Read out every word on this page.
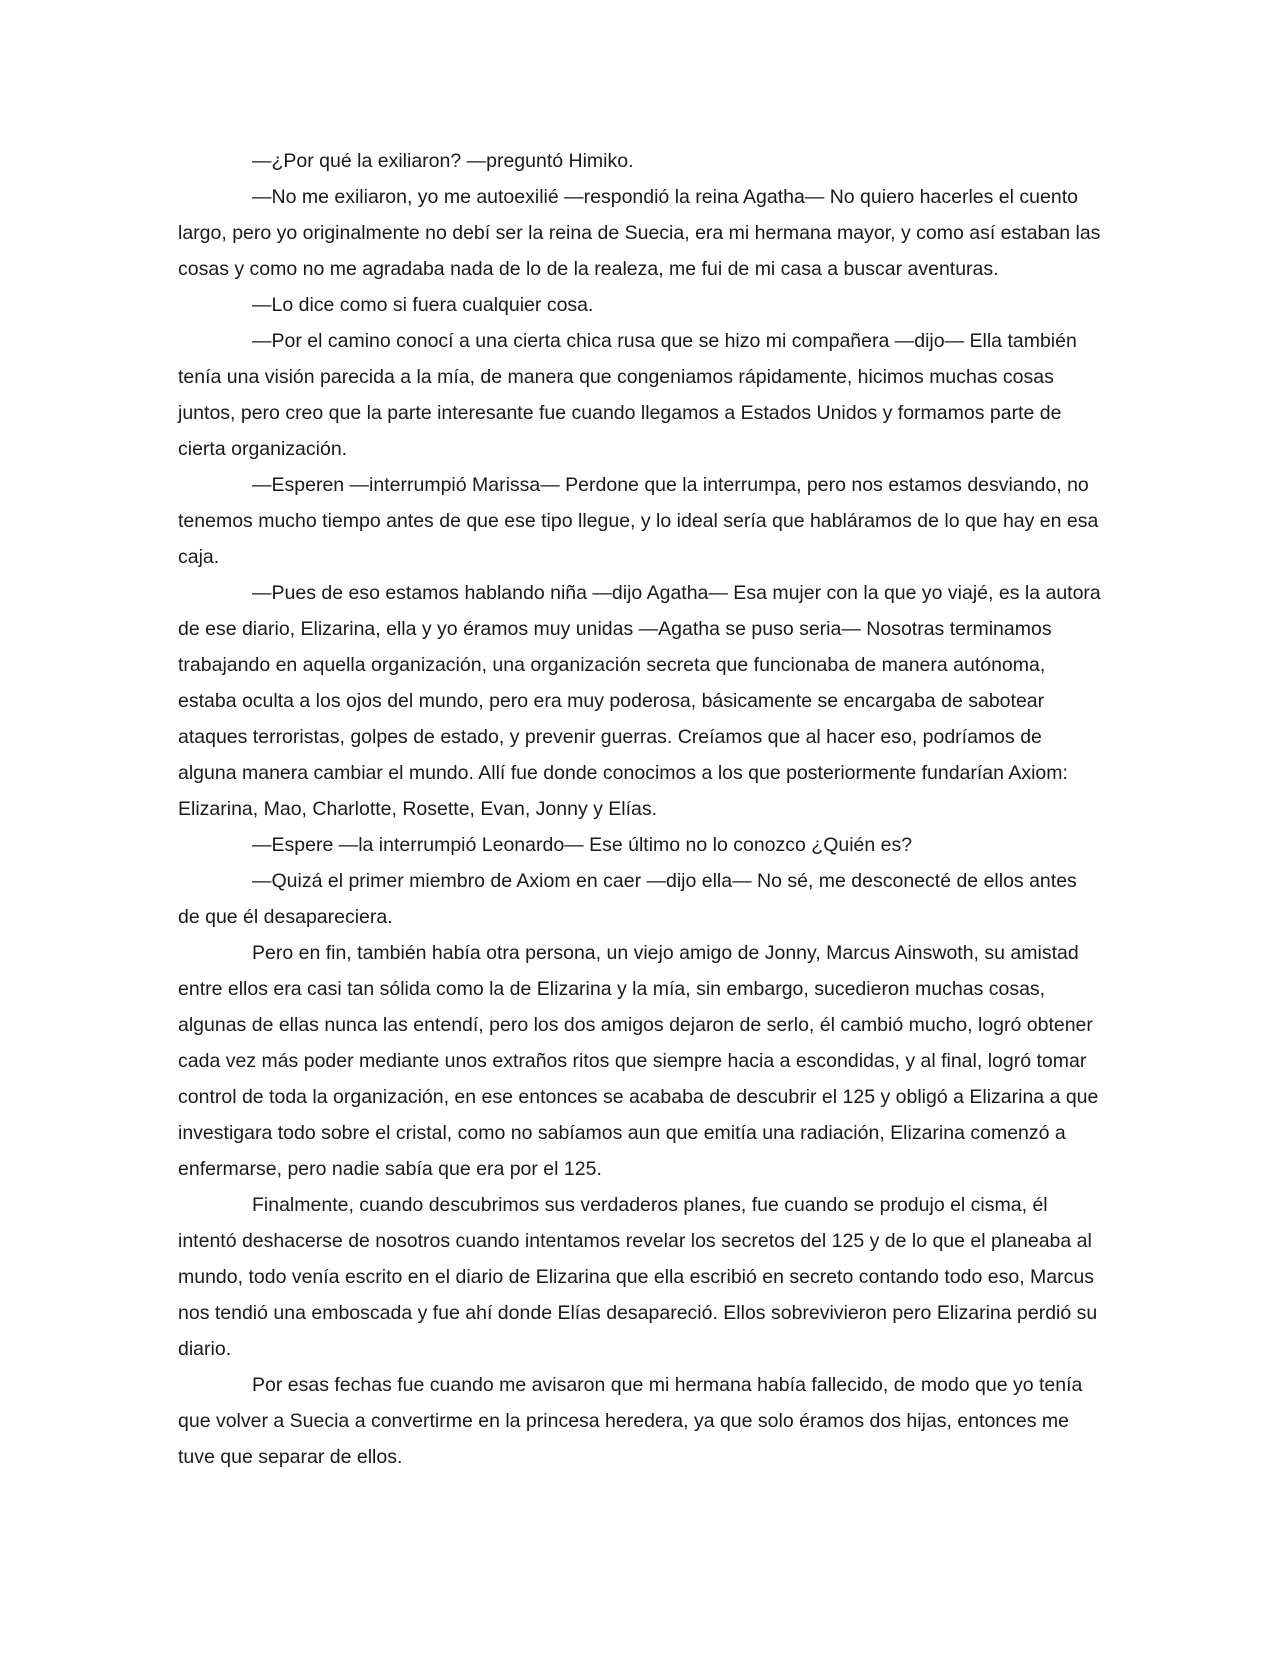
—¿Por qué la exiliaron? —preguntó Himiko.

—No me exiliaron, yo me autoexilié —respondió la reina Agatha— No quiero hacerles el cuento largo, pero yo originalmente no debí ser la reina de Suecia, era mi hermana mayor, y como así estaban las cosas y como no me agradaba nada de lo de la realeza, me fui de mi casa a buscar aventuras.

—Lo dice como si fuera cualquier cosa.

—Por el camino conocí a una cierta chica rusa que se hizo mi compañera —dijo— Ella también tenía una visión parecida a la mía, de manera que congeniamos rápidamente, hicimos muchas cosas juntos, pero creo que la parte interesante fue cuando llegamos a Estados Unidos y formamos parte de cierta organización.

—Esperen —interrumpió Marissa— Perdone que la interrumpa, pero nos estamos desviando, no tenemos mucho tiempo antes de que ese tipo llegue, y lo ideal sería que habláramos de lo que hay en esa caja.

—Pues de eso estamos hablando niña —dijo Agatha— Esa mujer con la que yo viajé, es la autora de ese diario, Elizarina, ella y yo éramos muy unidas —Agatha se puso seria— Nosotras terminamos trabajando en aquella organización, una organización secreta que funcionaba de manera autónoma, estaba oculta a los ojos del mundo, pero era muy poderosa, básicamente se encargaba de sabotear ataques terroristas, golpes de estado, y prevenir guerras. Creíamos que al hacer eso, podríamos de alguna manera cambiar el mundo. Allí fue donde conocimos a los que posteriormente fundarían Axiom: Elizarina, Mao, Charlotte, Rosette, Evan, Jonny y Elías.

—Espere —la interrumpió Leonardo— Ese último no lo conozco ¿Quién es?

—Quizá el primer miembro de Axiom en caer —dijo ella— No sé, me desconecté de ellos antes de que él desapareciera.

Pero en fin, también había otra persona, un viejo amigo de Jonny, Marcus Ainswoth, su amistad entre ellos era casi tan sólida como la de Elizarina y la mía, sin embargo, sucedieron muchas cosas, algunas de ellas nunca las entendí, pero los dos amigos dejaron de serlo, él cambió mucho, logró obtener cada vez más poder mediante unos extraños ritos que siempre hacia a escondidas, y al final, logró tomar control de toda la organización, en ese entonces se acababa de descubrir el 125 y obligó a Elizarina a que investigara todo sobre el cristal, como no sabíamos aun que emitía una radiación, Elizarina comenzó a enfermarse, pero nadie sabía que era por el 125.

Finalmente, cuando descubrimos sus verdaderos planes, fue cuando se produjo el cisma, él intentó deshacerse de nosotros cuando intentamos revelar los secretos del 125 y de lo que el planeaba al mundo, todo venía escrito en el diario de Elizarina que ella escribió en secreto contando todo eso, Marcus nos tendió una emboscada y fue ahí donde Elías desapareció. Ellos sobrevivieron pero Elizarina perdió su diario.

Por esas fechas fue cuando me avisaron que mi hermana había fallecido, de modo que yo tenía que volver a Suecia a convertirme en la princesa heredera, ya que solo éramos dos hijas, entonces me tuve que separar de ellos.
